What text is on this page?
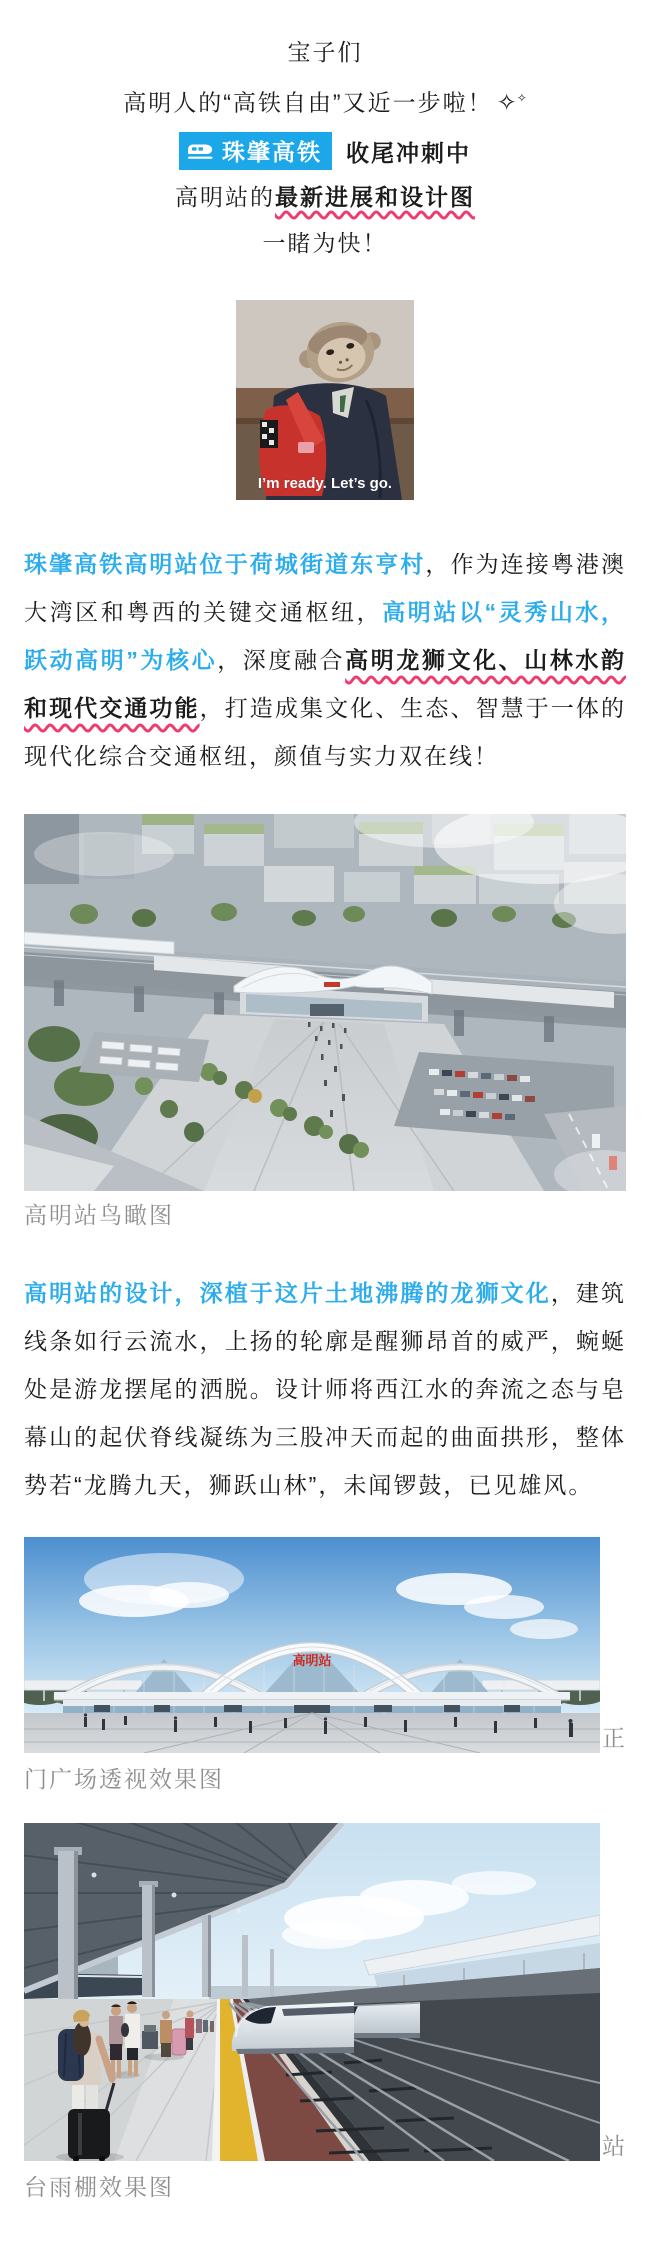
宝子们

高明人的“高铁自由”又近一步啦！ ✧✧

珠肇高铁 收尾冲刺中

高明站的最新进展和设计图

一睹为快！

I’m ready. Let’s go.

珠肇高铁高明站位于荷城街道东亨村，作为连接粤港澳大湾区和粤西的关键交通枢纽，高明站以“灵秀山水，跃动高明”为核心，深度融合高明龙狮文化、山林水韵和现代交通功能，打造成集文化、生态、智慧于一体的现代化综合交通枢纽，颜值与实力双在线！

高明站鸟瞰图

高明站的设计，深植于这片土地沸腾的龙狮文化，建筑线条如行云流水，上扬的轮廓是醒狮昂首的威严，蜿蜒处是游龙摆尾的洒脱。设计师将西江水的奔流之态与皂幕山的起伏脊线凝练为三股冲天而起的曲面拱形，整体势若“龙腾九天，狮跃山林”，未闻锣鼓，已见雄风。

高明站
正

门广场透视效果图

站

台雨棚效果图
